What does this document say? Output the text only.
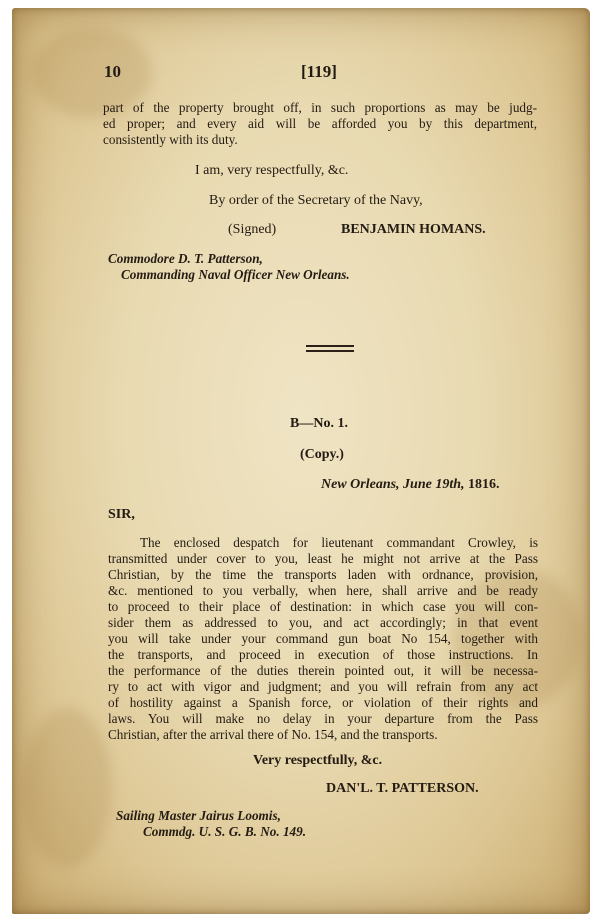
10	[119]
part of the property brought off, in such proportions as may be judg-
ed proper; and every aid will be afforded you by this department,
consistently with its duty.
I am, very respectfully, &c.
By order of the Secretary of the Navy,
(Signed)	BENJAMIN HOMANS.
Commodore D. T. Patterson,
Commanding Naval Officer New Orleans.
B—No. 1.
(Copy.)
New Orleans, June 19th, 1816.
SIR,
The enclosed despatch for lieutenant commandant Crowley, is
transmitted under cover to you, least he might not arrive at the Pass
Christian, by the time the transports laden with ordnance, provision,
&c. mentioned to you verbally, when here, shall arrive and be ready
to proceed to their place of destination: in which case you will con-
sider them as addressed to you, and act accordingly; in that event
you will take under your command gun boat No 154, together with
the transports, and proceed in execution of those instructions. In
the performance of the duties therein pointed out, it will be necessa-
ry to act with vigor and judgment; and you will refrain from any act
of hostility against a Spanish force, or violation of their rights and
laws. You will make no delay in your departure from the Pass
Christian, after the arrival there of No. 154, and the transports.
Very respectfully, &c.
DAN'L. T. PATTERSON.
Sailing Master Jairus Loomis,
Commdg. U. S. G. B. No. 149.
